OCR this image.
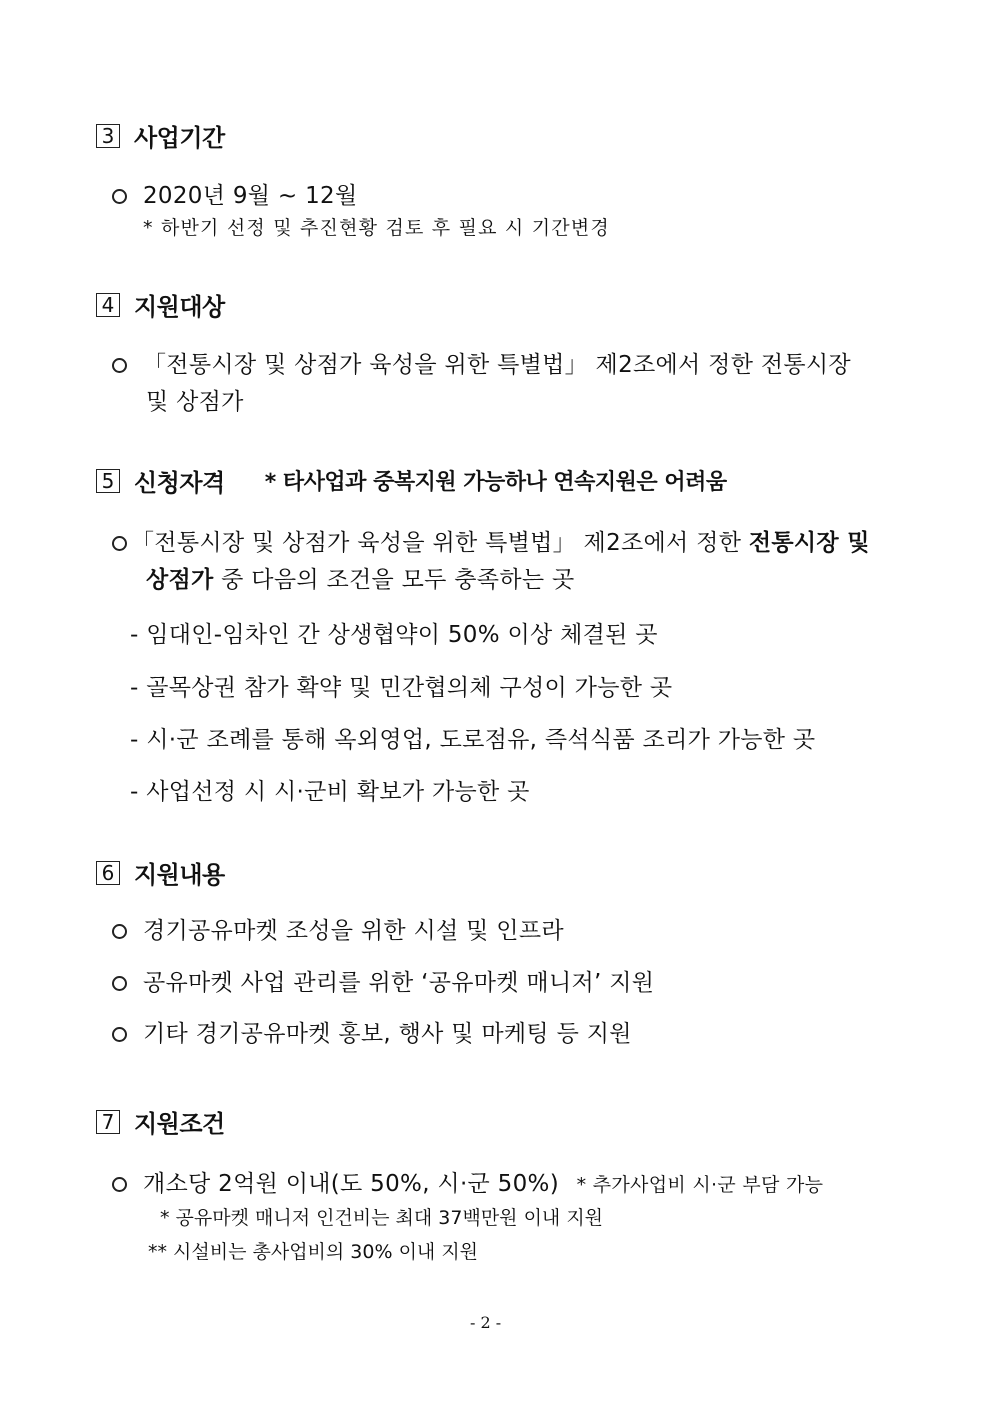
3 사업기간
2020년 9월 ~ 12월
* 하반기 선정 및 추진현황 검토 후 필요 시 기간변경
4 지원대상
「전통시장 및 상점가 육성을 위한 특별법」 제2조에서 정한 전통시장
및 상점가
5 신청자격 * 타사업과 중복지원 가능하나 연속지원은 어려움
「전통시장 및 상점가 육성을 위한 특별법」 제2조에서 정한 전통시장 및
상점가 중 다음의 조건을 모두 충족하는 곳
- 임대인-임차인 간 상생협약이 50% 이상 체결된 곳
- 골목상권 참가 확약 및 민간협의체 구성이 가능한 곳
- 시·군 조례를 통해 옥외영업, 도로점유, 즉석식품 조리가 가능한 곳
- 사업선정 시 시·군비 확보가 가능한 곳
6 지원내용
경기공유마켓 조성을 위한 시설 및 인프라
공유마켓 사업 관리를 위한 ‘공유마켓 매니저’ 지원
기타 경기공유마켓 홍보, 행사 및 마케팅 등 지원
7 지원조건
개소당 2억원 이내(도 50%, 시·군 50%) * 추가사업비 시·군 부담 가능
* 공유마켓 매니저 인건비는 최대 37백만원 이내 지원
** 시설비는 총사업비의 30% 이내 지원
- 2 -
